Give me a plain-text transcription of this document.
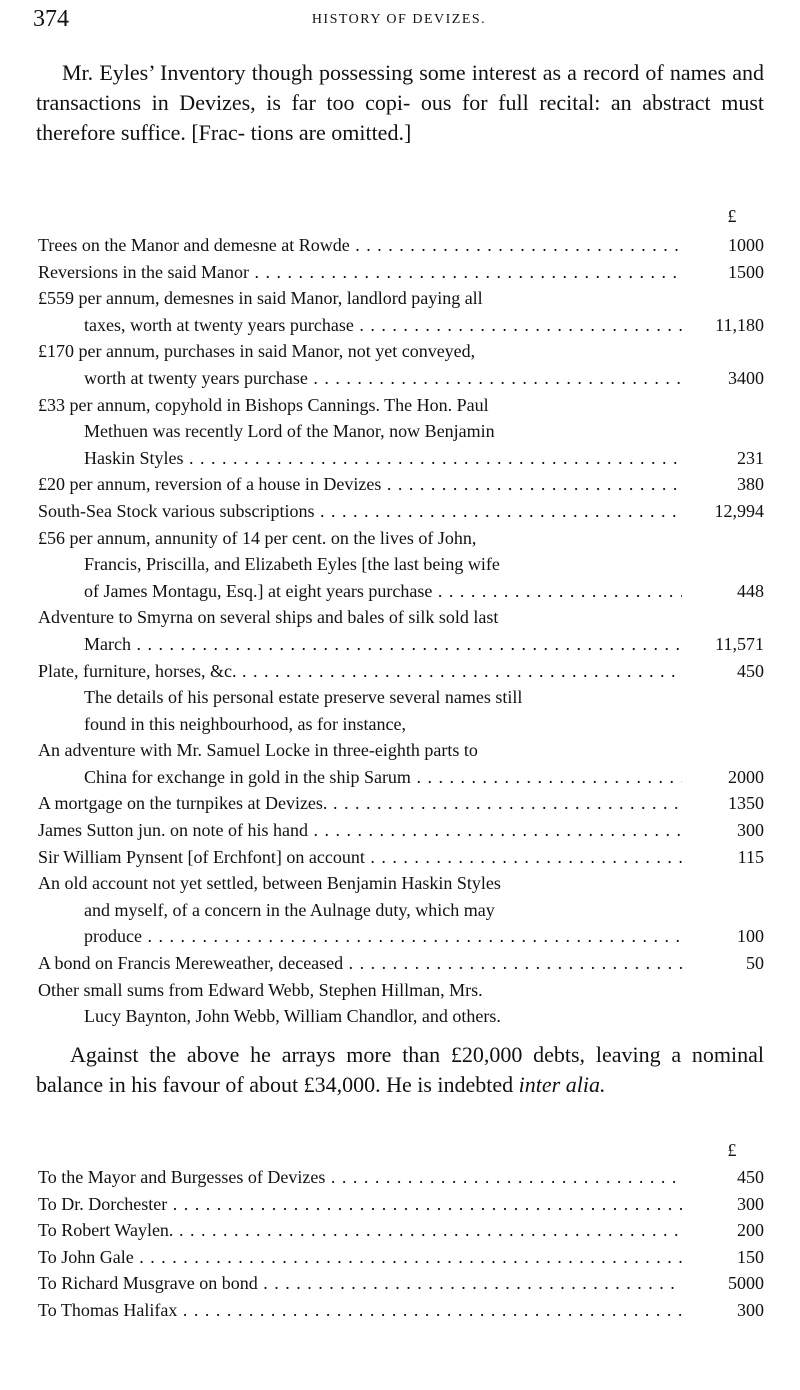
374	HISTORY OF DEVIZES.

Mr. Eyles’ Inventory though possessing some interest as a record of names and transactions in Devizes, is far too copi- ous for full recital: an abstract must therefore suffice. [Frac- tions are omitted.]

£
Trees on the Manor and demesne at Rowde . . .	1000
Reversions in the said Manor . . .	1500
£559 per annum, demesnes in said Manor, landlord paying all
taxes, worth at twenty years purchase . . .	11,180
£170 per annum, purchases in said Manor, not yet conveyed,
worth at twenty years purchase . . .	3400
£33 per annum, copyhold in Bishops Cannings. The Hon. Paul
Methuen was recently Lord of the Manor, now Benjamin
Haskin Styles . . .	231
£20 per annum, reversion of a house in Devizes . . .	380
South-Sea Stock various subscriptions . . .	12,994
£56 per annum, annunity of 14 per cent. on the lives of John,
Francis, Priscilla, and Elizabeth Eyles [the last being wife
of James Montagu, Esq.] at eight years purchase . . .	448
Adventure to Smyrna on several ships and bales of silk sold last
March . . .	11,571
Plate, furniture, horses, &c. . . .	450
The details of his personal estate preserve several names still
found in this neighbourhood, as for instance,
An adventure with Mr. Samuel Locke in three-eighth parts to
China for exchange in gold in the ship Sarum . . .	2000
A mortgage on the turnpikes at Devizes. . . .	1350
James Sutton jun. on note of his hand . . .	300
Sir William Pynsent [of Erchfont] on account . . .	115
An old account not yet settled, between Benjamin Haskin Styles
and myself, of a concern in the Aulnage duty, which may
produce . . .	100
A bond on Francis Mereweather, deceased . . .	50
Other small sums from Edward Webb, Stephen Hillman, Mrs.
Lucy Baynton, John Webb, William Chandlor, and others.

Against the above he arrays more than £20,000 debts, leaving a nominal balance in his favour of about £34,000. He is indebted inter alia.

£
To the Mayor and Burgesses of Devizes . . .	450
To Dr. Dorchester . . .	300
To Robert Waylen. . . .	200
To John Gale . . .	150
To Richard Musgrave on bond . . .	5000
To Thomas Halifax . . .	300
